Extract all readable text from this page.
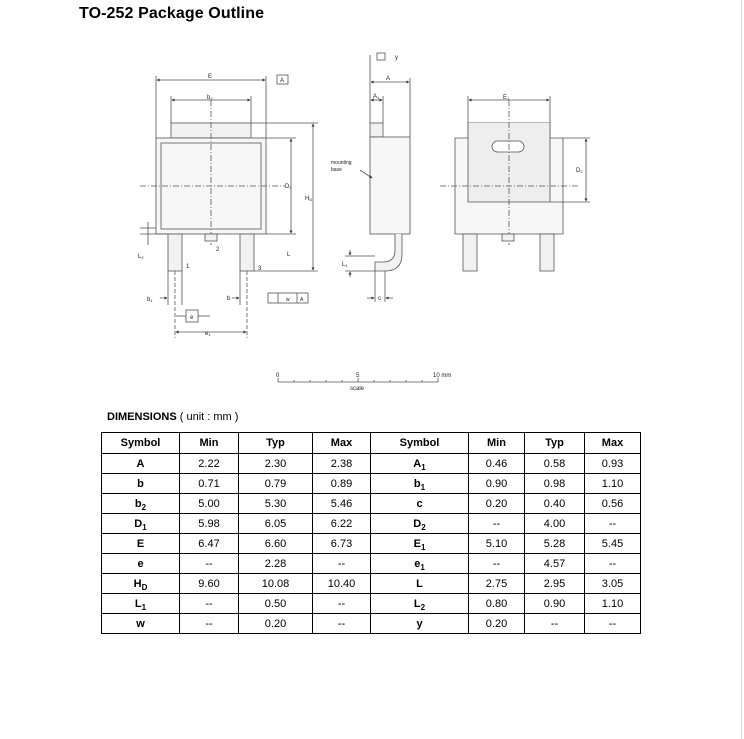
TO-252 Package Outline
E
b2
A
D1
HD
L
L2
b1
e
e1
b
1
2
3
w A
A
A1
y
mounting
base
L1
c
E1
D2
0	5	10 mm
scale
DIMENSIONS ( unit : mm )
Symbol	Min	Typ	Max	Symbol	Min	Typ	Max
A	2.22	2.30	2.38	$A_1$	0.46	0.58	0.93
b	0.71	0.79	0.89	$b_1$	0.90	0.98	1.10
$b_2$	5.00	5.30	5.46	c	0.20	0.40	0.56
$D_1$	5.98	6.05	6.22	$D_2$	--	4.00	--
E	6.47	6.60	6.73	$E_1$	5.10	5.28	5.45
e	--	2.28	--	$e_1$	--	4.57	--
$H_D$	9.60	10.08	10.40	L	2.75	2.95	3.05
$L_1$	--	0.50	--	$L_2$	0.80	0.90	1.10
w	--	0.20	--	y	0.20	--	--
